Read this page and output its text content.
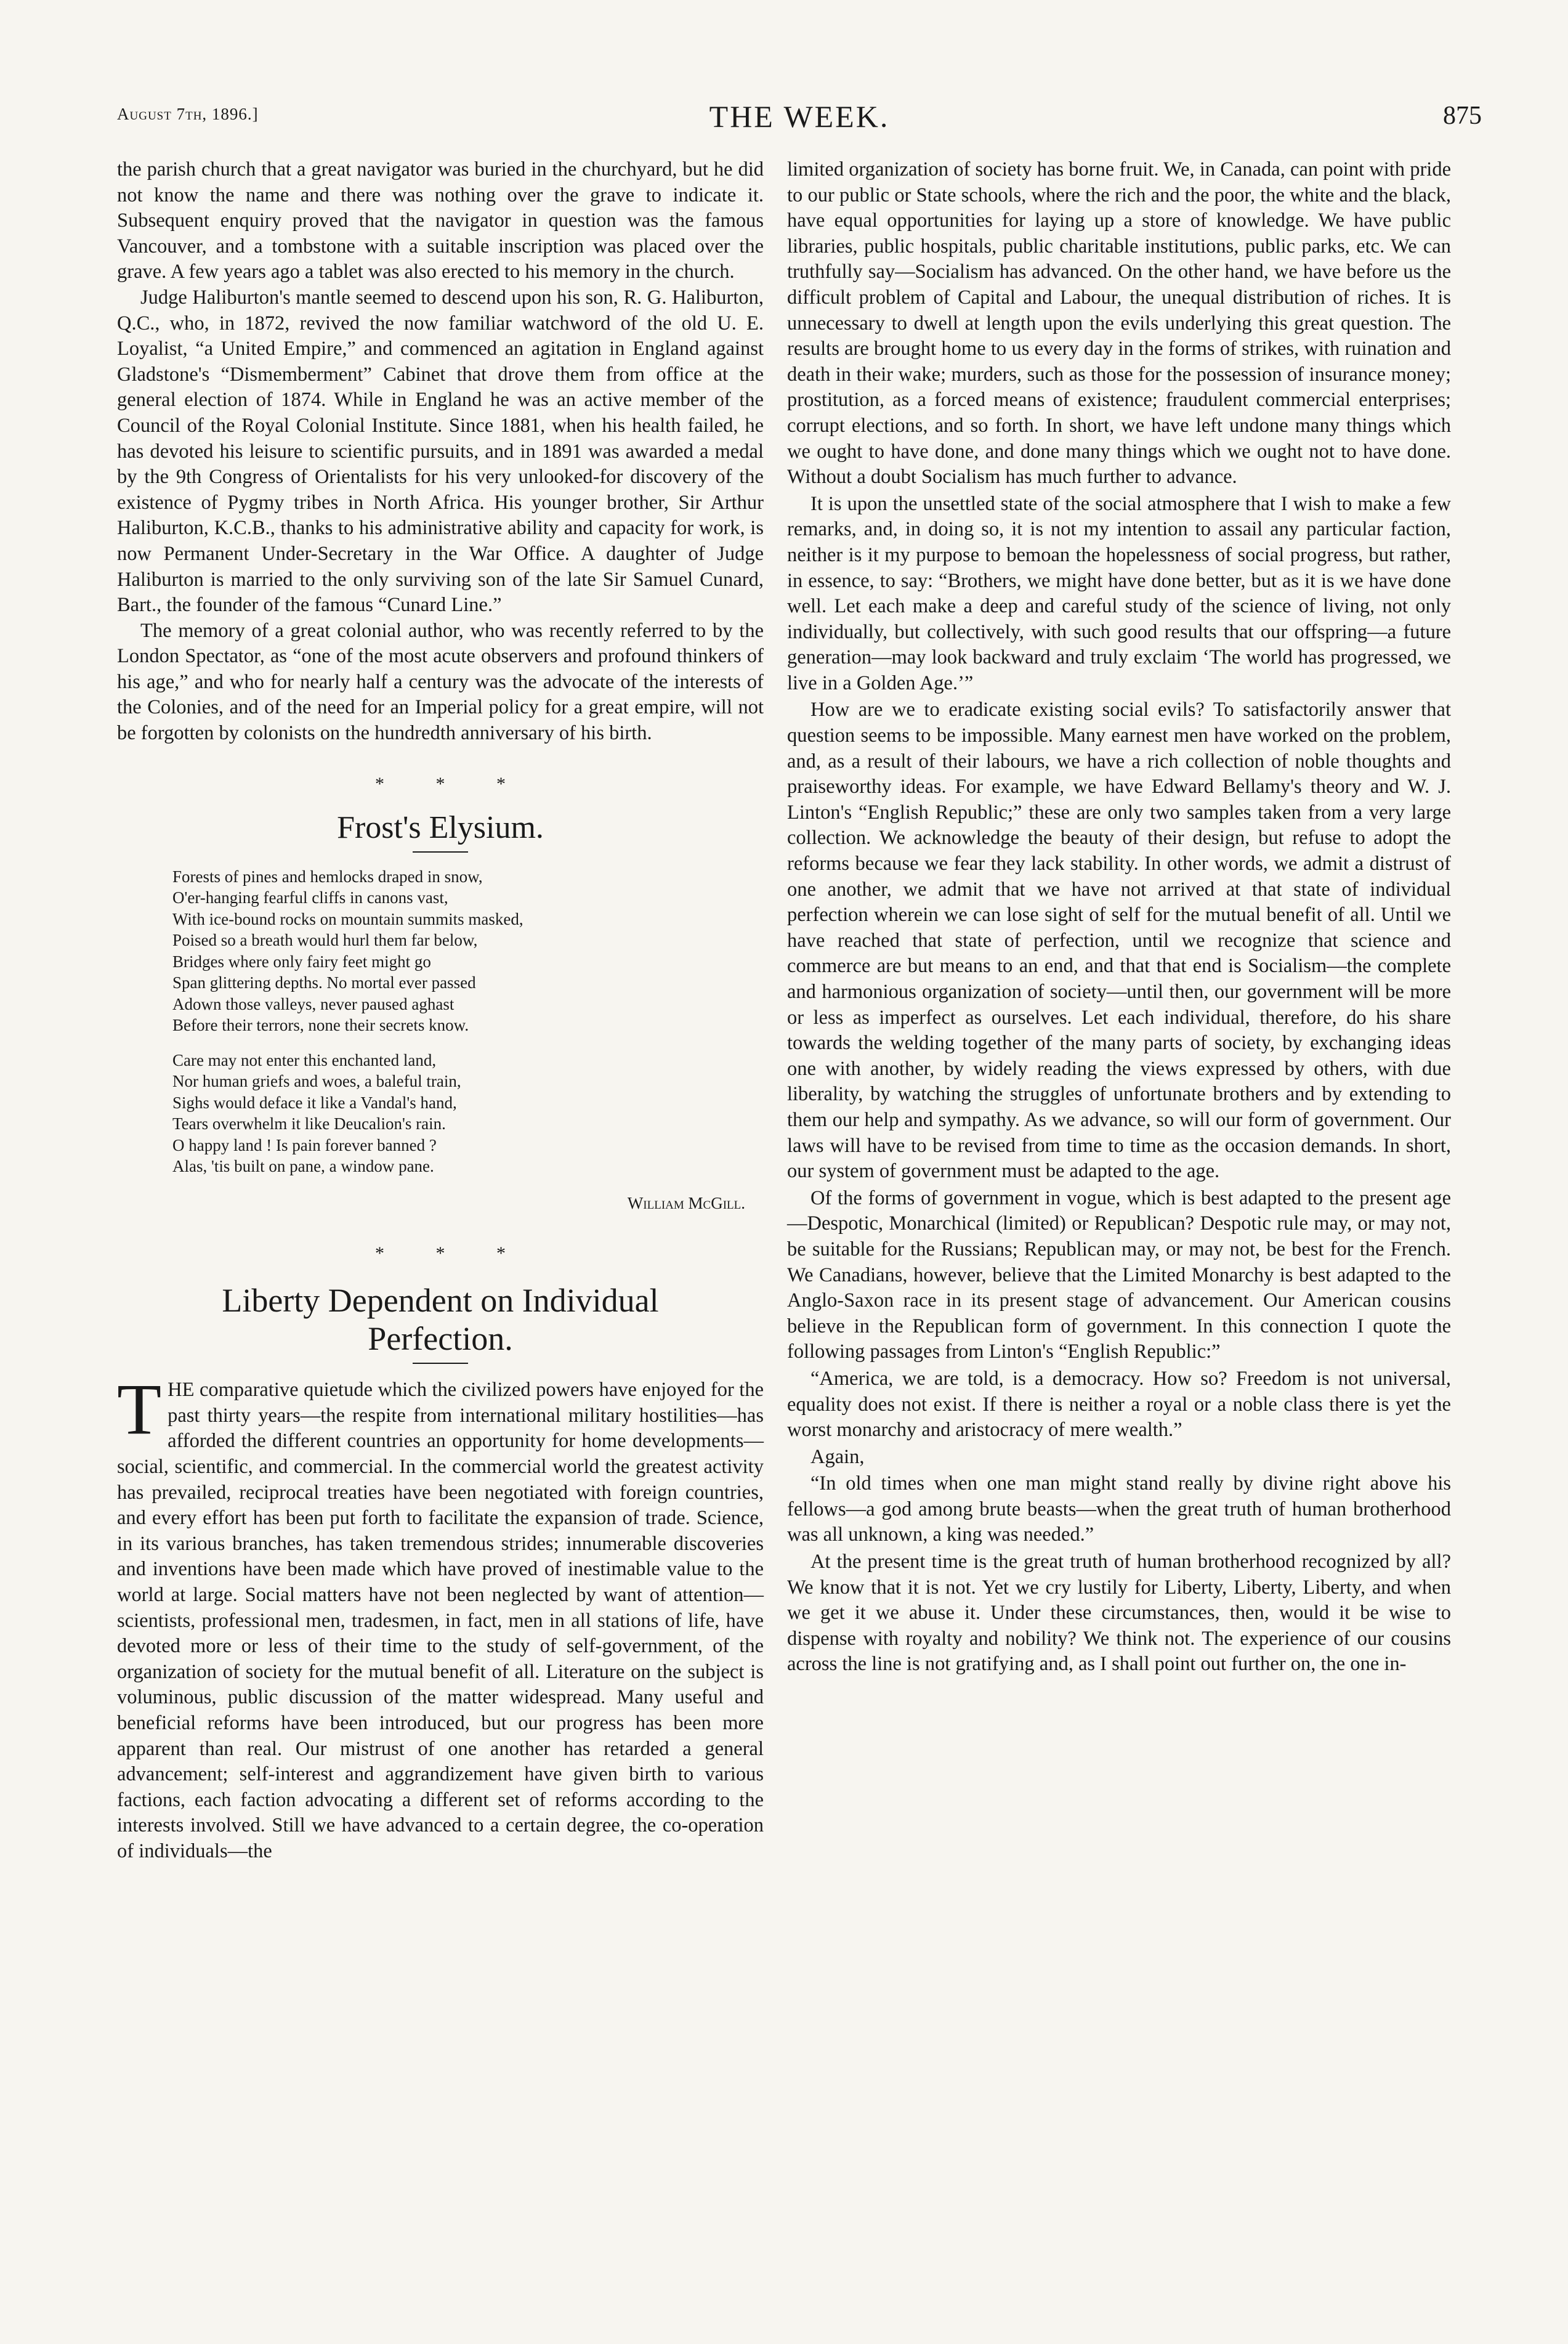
August 7th, 1896.]	THE WEEK.	875

the parish church that a great navigator was buried in the churchyard, but he did not know the name and there was nothing over the grave to indicate it. Subsequent enquiry proved that the navigator in question was the famous Vancouver, and a tombstone with a suitable inscription was placed over the grave. A few years ago a tablet was also erected to his memory in the church.

Judge Haliburton's mantle seemed to descend upon his son, R. G. Haliburton, Q.C., who, in 1872, revived the now familiar watchword of the old U. E. Loyalist, “a United Empire,” and commenced an agitation in England against Gladstone's “Dismemberment” Cabinet that drove them from office at the general election of 1874. While in England he was an active member of the Council of the Royal Colonial Institute. Since 1881, when his health failed, he has devoted his leisure to scientific pursuits, and in 1891 was awarded a medal by the 9th Congress of Orientalists for his very unlooked-for discovery of the existence of Pygmy tribes in North Africa. His younger brother, Sir Arthur Haliburton, K.C.B., thanks to his administrative ability and capacity for work, is now Permanent Under-Secretary in the War Office. A daughter of Judge Haliburton is married to the only surviving son of the late Sir Samuel Cunard, Bart., the founder of the famous “Cunard Line.”

The memory of a great colonial author, who was recently referred to by the London Spectator, as “one of the most acute observers and profound thinkers of his age,” and who for nearly half a century was the advocate of the interests of the Colonies, and of the need for an Imperial policy for a great empire, will not be forgotten by colonists on the hundredth anniversary of his birth.

* * *
Frost's Elysium.
Forests of pines and hemlocks draped in snow,
O'er-hanging fearful cliffs in canons vast,
With ice-bound rocks on mountain summits masked,
Poised so a breath would hurl them far below,
Bridges where only fairy feet might go
Span glittering depths. No mortal ever passed
Adown those valleys, never paused aghast
Before their terrors, none their secrets know.
Care may not enter this enchanted land,
Nor human griefs and woes, a baleful train,
Sighs would deface it like a Vandal's hand,
Tears overwhelm it like Deucalion's rain.
O happy land ! Is pain forever banned ?
Alas, 'tis built on pane, a window pane.
William McGill.
* * *
Liberty Dependent on Individual
Perfection.

THE comparative quietude which the civilized powers have enjoyed for the past thirty years—the respite from international military hostilities—has afforded the different countries an opportunity for home developments—social, scientific, and commercial. In the commercial world the greatest activity has prevailed, reciprocal treaties have been negotiated with foreign countries, and every effort has been put forth to facilitate the expansion of trade. Science, in its various branches, has taken tremendous strides; innumerable discoveries and inventions have been made which have proved of inestimable value to the world at large. Social matters have not been neglected by want of attention—scientists, professional men, tradesmen, in fact, men in all stations of life, have devoted more or less of their time to the study of self-government, of the organization of society for the mutual benefit of all. Literature on the subject is voluminous, public discussion of the matter widespread. Many useful and beneficial reforms have been introduced, but our progress has been more apparent than real. Our mistrust of one another has retarded a general advancement; self-interest and aggrandizement have given birth to various factions, each faction advocating a different set of reforms according to the interests involved. Still we have advanced to a certain degree, the co-operation of individuals—the

limited organization of society has borne fruit. We, in Canada, can point with pride to our public or State schools, where the rich and the poor, the white and the black, have equal opportunities for laying up a store of knowledge. We have public libraries, public hospitals, public charitable institutions, public parks, etc. We can truthfully say—Socialism has advanced. On the other hand, we have before us the difficult problem of Capital and Labour, the unequal distribution of riches. It is unnecessary to dwell at length upon the evils underlying this great question. The results are brought home to us every day in the forms of strikes, with ruination and death in their wake; murders, such as those for the possession of insurance money; prostitution, as a forced means of existence; fraudulent commercial enterprises; corrupt elections, and so forth. In short, we have left undone many things which we ought to have done, and done many things which we ought not to have done. Without a doubt Socialism has much further to advance.

It is upon the unsettled state of the social atmosphere that I wish to make a few remarks, and, in doing so, it is not my intention to assail any particular faction, neither is it my purpose to bemoan the hopelessness of social progress, but rather, in essence, to say: “Brothers, we might have done better, but as it is we have done well. Let each make a deep and careful study of the science of living, not only individually, but collectively, with such good results that our offspring—a future generation—may look backward and truly exclaim ‘The world has progressed, we live in a Golden Age.’”

How are we to eradicate existing social evils? To satisfactorily answer that question seems to be impossible. Many earnest men have worked on the problem, and, as a result of their labours, we have a rich collection of noble thoughts and praiseworthy ideas. For example, we have Edward Bellamy's theory and W. J. Linton's “English Republic;” these are only two samples taken from a very large collection. We acknowledge the beauty of their design, but refuse to adopt the reforms because we fear they lack stability. In other words, we admit a distrust of one another, we admit that we have not arrived at that state of individual perfection wherein we can lose sight of self for the mutual benefit of all. Until we have reached that state of perfection, until we recognize that science and commerce are but means to an end, and that that end is Socialism—the complete and harmonious organization of society—until then, our government will be more or less as imperfect as ourselves. Let each individual, therefore, do his share towards the welding together of the many parts of society, by exchanging ideas one with another, by widely reading the views expressed by others, with due liberality, by watching the struggles of unfortunate brothers and by extending to them our help and sympathy. As we advance, so will our form of government. Our laws will have to be revised from time to time as the occasion demands. In short, our system of government must be adapted to the age.

Of the forms of government in vogue, which is best adapted to the present age—Despotic, Monarchical (limited) or Republican? Despotic rule may, or may not, be suitable for the Russians; Republican may, or may not, be best for the French. We Canadians, however, believe that the Limited Monarchy is best adapted to the Anglo-Saxon race in its present stage of advancement. Our American cousins believe in the Republican form of government. In this connection I quote the following passages from Linton's “English Republic:”

“America, we are told, is a democracy. How so? Freedom is not universal, equality does not exist. If there is neither a royal or a noble class there is yet the worst monarchy and aristocracy of mere wealth.”

Again,

“In old times when one man might stand really by divine right above his fellows—a god among brute beasts—when the great truth of human brotherhood was all unknown, a king was needed.”

At the present time is the great truth of human brotherhood recognized by all? We know that it is not. Yet we cry lustily for Liberty, Liberty, Liberty, and when we get it we abuse it. Under these circumstances, then, would it be wise to dispense with royalty and nobility? We think not. The experience of our cousins across the line is not gratifying and, as I shall point out further on, the one in-
